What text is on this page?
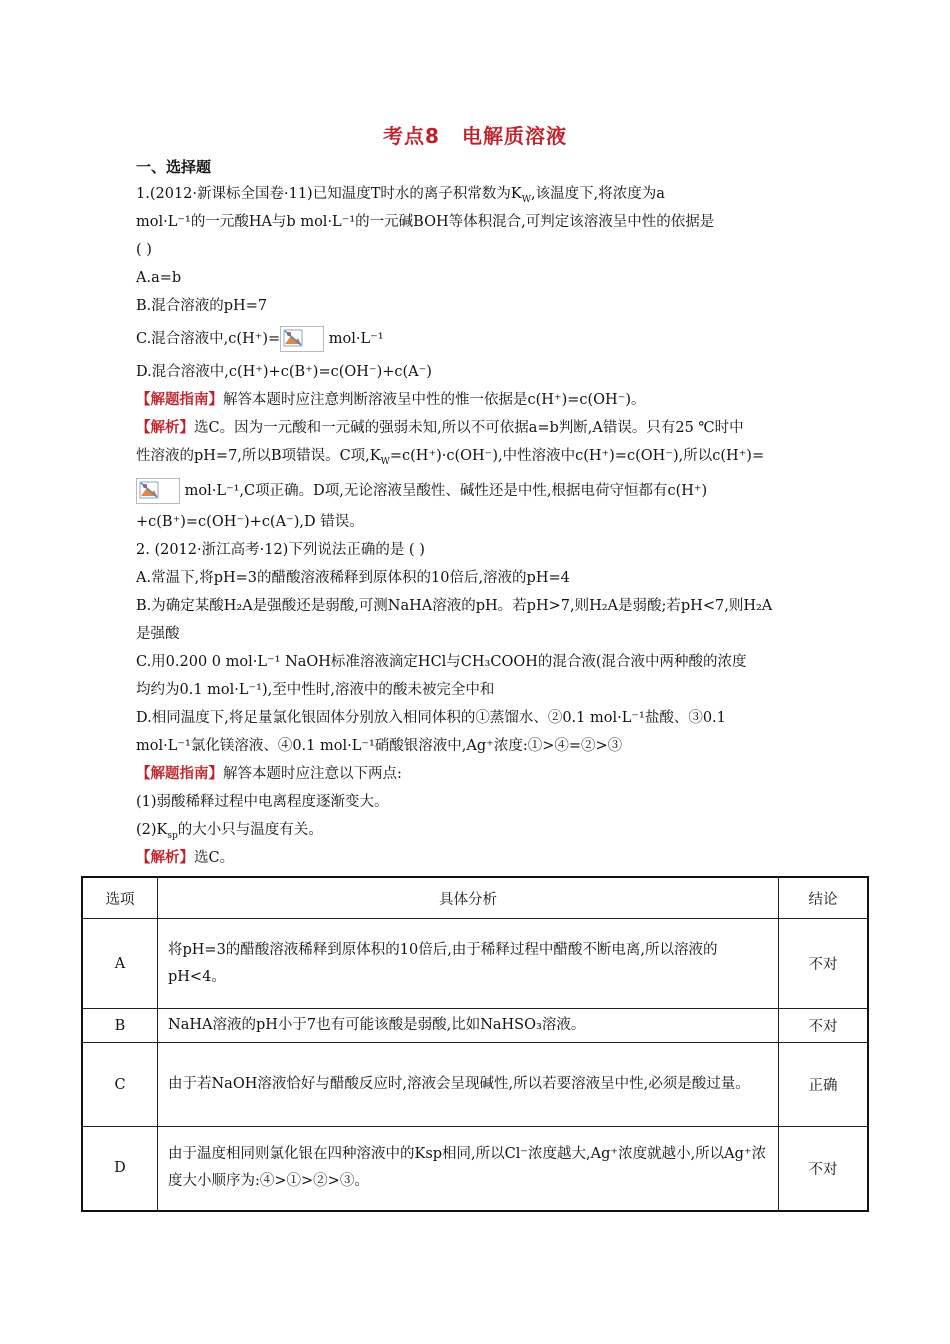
考点8 电解质溶液
一、选择题
1.(2012·新课标全国卷·11)已知温度T时水的离子积常数为$K_W$,该温度下,将浓度为a
mol·L⁻¹的一元酸HA与b mol·L⁻¹的一元碱BOH等体积混合,可判定该溶液呈中性的依据是
( )
A.a=b
B.混合溶液的pH=7
C.混合溶液中,c(H⁺)=	mol·L⁻¹
D.混合溶液中,c(H⁺)+c(B⁺)=c(OH⁻)+c(A⁻)
【解题指南】解答本题时应注意判断溶液呈中性的惟一依据是c(H⁺)=c(OH⁻)。
【解析】选C。因为一元酸和一元碱的强弱未知,所以不可依据a=b判断,A错误。只有25 ℃时中
性溶液的pH=7,所以B项错误。C项$,K_W=c(H^+)\cdot c(OH^-)$,中性溶液中c(H⁺)=c(OH⁻),所以c(H⁺)=
mol·L⁻¹,C项正确。D项,无论溶液呈酸性、碱性还是中性,根据电荷守恒都有c(H⁺)
+c(B⁺)=c(OH⁻)+c(A⁻),D 错误。
2. (2012·浙江高考·12)下列说法正确的是 ( )
A.常温下,将pH=3的醋酸溶液稀释到原体积的10倍后,溶液的pH=4
B.为确定某酸H₂A是强酸还是弱酸,可测NaHA溶液的pH。若pH>7,则H₂A是弱酸;若pH<7,则H₂A
是强酸
C.用0.200 0 mol·L⁻¹ NaOH标准溶液滴定HCl与CH₃COOH的混合液(混合液中两种酸的浓度
均约为0.1 mol·L⁻¹),至中性时,溶液中的酸未被完全中和
D.相同温度下,将足量氯化银固体分别放入相同体积的①蒸馏水、②0.1 mol·L⁻¹盐酸、③0.1
mol·L⁻¹氯化镁溶液、④0.1 mol·L⁻¹硝酸银溶液中,Ag⁺浓度:①>④=②>③
【解题指南】解答本题时应注意以下两点:
(1)弱酸稀释过程中电离程度逐渐变大。
$(2)K_{sp}$的大小只与温度有关。
【解析】选C。
选项	具体分析	结论
A	将pH=3的醋酸溶液稀释到原体积的10倍后,由于稀释过程中醋酸不断电离,所以溶液的pH<4。	不对
B	NaHA溶液的pH小于7也有可能该酸是弱酸,比如NaHSO₃溶液。	不对
C	由于若NaOH溶液恰好与醋酸反应时,溶液会呈现碱性,所以若要溶液呈中性,必须是酸过量。	正确
D	由于温度相同则氯化银在四种溶液中的Ksp相同,所以Cl⁻浓度越大,Ag⁺浓度就越小,所以Ag⁺浓度大小顺序为:④>①>②>③。	不对
